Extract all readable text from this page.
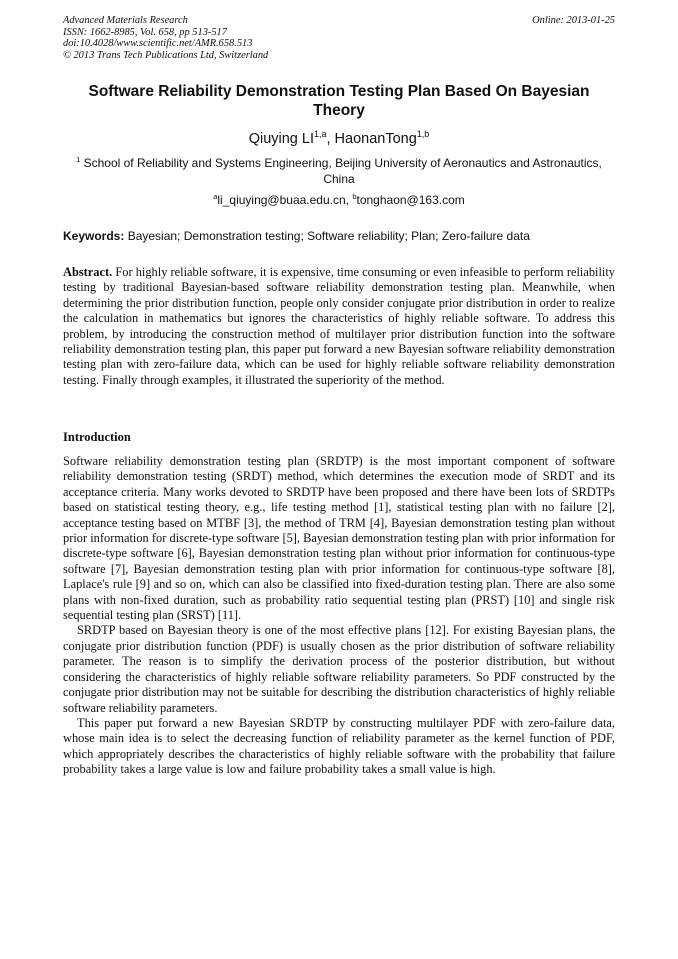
Advanced Materials Research
ISSN: 1662-8985, Vol. 658, pp 513-517
doi:10.4028/www.scientific.net/AMR.658.513
© 2013 Trans Tech Publications Ltd, Switzerland
Online: 2013-01-25
Software Reliability Demonstration Testing Plan Based On Bayesian Theory
Qiuying LI$^{1,a}$, HaonanTong$^{1,b}$
$^1$ School of Reliability and Systems Engineering, Beijing University of Aeronautics and Astronautics, China
$^a$li_qiuying@buaa.edu.cn, $^b$tonghaon@163.com
Keywords: Bayesian; Demonstration testing; Software reliability; Plan; Zero-failure data
Abstract. For highly reliable software, it is expensive, time consuming or even infeasible to perform reliability testing by traditional Bayesian-based software reliability demonstration testing plan. Meanwhile, when determining the prior distribution function, people only consider conjugate prior distribution in order to realize the calculation in mathematics but ignores the characteristics of highly reliable software. To address this problem, by introducing the construction method of multilayer prior distribution function into the software reliability demonstration testing plan, this paper put forward a new Bayesian software reliability demonstration testing plan with zero-failure data, which can be used for highly reliable software reliability demonstration testing. Finally through examples, it illustrated the superiority of the method.
Introduction

Software reliability demonstration testing plan (SRDTP) is the most important component of software reliability demonstration testing (SRDT) method, which determines the execution mode of SRDT and its acceptance criteria. Many works devoted to SRDTP have been proposed and there have been lots of SRDTPs based on statistical testing theory, e.g., life testing method [1], statistical testing plan with no failure [2], acceptance testing based on MTBF [3], the method of TRM [4], Bayesian demonstration testing plan without prior information for discrete-type software [5], Bayesian demonstration testing plan with prior information for discrete-type software [6], Bayesian demonstration testing plan without prior information for continuous-type software [7], Bayesian demonstration testing plan with prior information for continuous-type software [8], Laplace's rule [9] and so on, which can also be classified into fixed-duration testing plan. There are also some plans with non-fixed duration, such as probability ratio sequential testing plan (PRST) [10] and single risk sequential testing plan (SRST) [11].

SRDTP based on Bayesian theory is one of the most effective plans [12]. For existing Bayesian plans, the conjugate prior distribution function (PDF) is usually chosen as the prior distribution of software reliability parameter. The reason is to simplify the derivation process of the posterior distribution, but without considering the characteristics of highly reliable software reliability parameters. So PDF constructed by the conjugate prior distribution may not be suitable for describing the distribution characteristics of highly reliable software reliability parameters.

This paper put forward a new Bayesian SRDTP by constructing multilayer PDF with zero-failure data, whose main idea is to select the decreasing function of reliability parameter as the kernel function of PDF, which appropriately describes the characteristics of highly reliable software with the probability that failure probability takes a large value is low and failure probability takes a small value is high.
